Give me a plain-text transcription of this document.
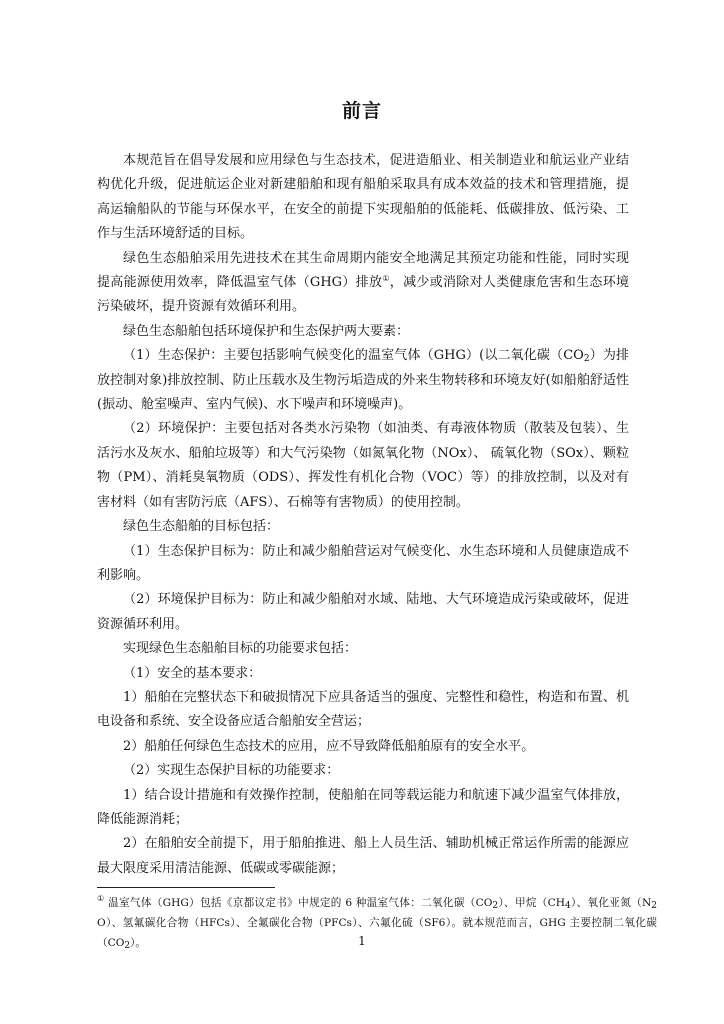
前言

本规范旨在倡导发展和应用绿色与生态技术，促进造船业、相关制造业和航运业产业结构优化升级，促进航运企业对新建船舶和现有船舶采取具有成本效益的技术和管理措施，提高运输船队的节能与环保水平，在安全的前提下实现船舶的低能耗、低碳排放、低污染、工作与生活环境舒适的目标。

绿色生态船舶采用先进技术在其生命周期内能安全地满足其预定功能和性能，同时实现提高能源使用效率，降低温室气体（GHG）排放①，减少或消除对人类健康危害和生态环境污染破坏，提升资源有效循环利用。

绿色生态船舶包括环境保护和生态保护两大要素：

（1）生态保护：主要包括影响气候变化的温室气体（GHG）(以二氧化碳$(CO_2)$为排放控制对象)排放控制、防止压载水及生物污垢造成的外来生物转移和环境友好(如船舶舒适性(振动、舱室噪声、室内气候)、水下噪声和环境噪声)。

（2）环境保护：主要包括对各类水污染物（如油类、有毒液体物质（散装及包装）、生活污水及灰水、船舶垃圾等）和大气污染物（如氮氧化物（NOx）、 硫氧化物（SOx）、颗粒物（PM）、消耗臭氧物质（ODS）、挥发性有机化合物（VOC）等）的排放控制，以及对有害材料（如有害防污底（AFS）、石棉等有害物质）的使用控制。

绿色生态船舶的目标包括：

（1）生态保护目标为：防止和减少船舶营运对气候变化、水生态环境和人员健康造成不利影响。

（2）环境保护目标为：防止和减少船舶对水域、陆地、大气环境造成污染或破坏，促进资源循环利用。

实现绿色生态船舶目标的功能要求包括：

（1）安全的基本要求：

1）船舶在完整状态下和破损情况下应具备适当的强度、完整性和稳性，构造和布置、机电设备和系统、安全设备应适合船舶安全营运；

2）船舶任何绿色生态技术的应用，应不导致降低船舶原有的安全水平。

（2）实现生态保护目标的功能要求：

1）结合设计措施和有效操作控制，使船舶在同等载运能力和航速下减少温室气体排放，降低能源消耗；

2）在船舶安全前提下，用于船舶推进、船上人员生活、辅助机械正常运作所需的能源应最大限度采用清洁能源、低碳或零碳能源；

① 温室气体（GHG）包括《京都议定书》中规定的 6 种温室气体：二氧化碳$(CO_2)$、甲烷$(CH_4)$、氧化亚氮$(N_2O)$、氢氟碳化合物（HFCs）、全氟碳化合物（PFCs）、六氟化硫（SF6）。就本规范而言，GHG 主要控制二氧化碳$(CO_2)$。	1
